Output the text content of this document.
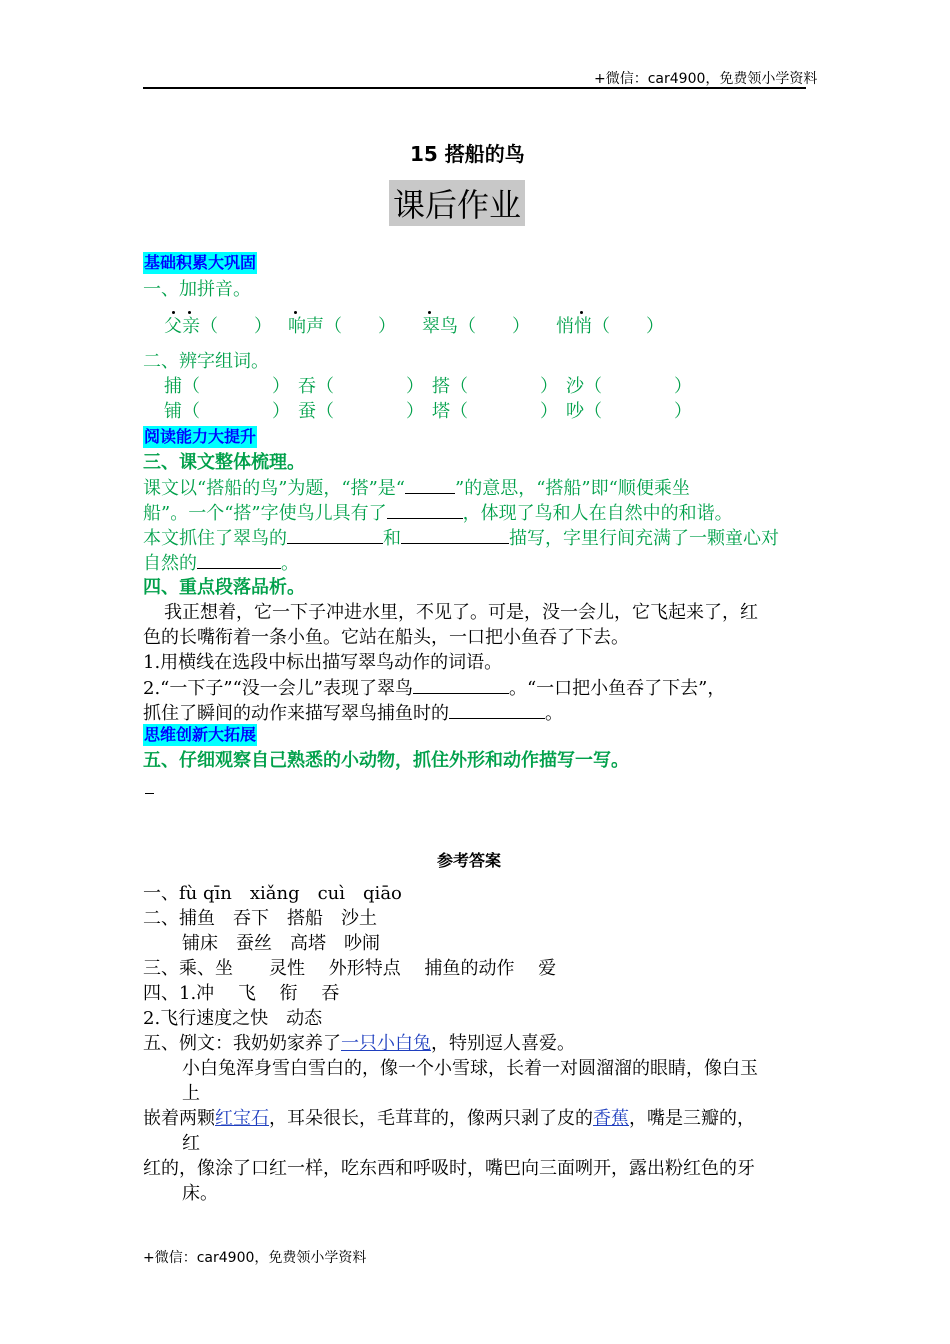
+微信：car4900，免费领小学资料
15 搭船的鸟
课后作业
基础积累大巩固
一、加拼音。
父亲（　　） 响声（　　） 翠鸟（　　） 悄悄（　　）
二、辨字组词。
捕（　　　　） 吞（　　　　） 搭（　　　　） 沙（　　　　）
铺（　　　　） 蚕（　　　　） 塔（　　　　） 吵（　　　　）
阅读能力大提升
三、课文整体梳理。
课文以“搭船的鸟”为题，“搭”是“	”的意思，“搭船”即“顺便乘坐
船”。一个“搭”字使鸟儿具有了	，体现了鸟和人在自然中的和谐。
本文抓住了翠鸟的	和	描写，字里行间充满了一颗童心对
自然的	。
四、重点段落品析。
我正想着，它一下子冲进水里，不见了。可是，没一会儿，它飞起来了，红
色的长嘴衔着一条小鱼。它站在船头，一口把小鱼吞了下去。
1.用横线在选段中标出描写翠鸟动作的词语。
2.“一下子”“没一会儿”表现了翠鸟	。“一口把小鱼吞了下去”，
抓住了瞬间的动作来描写翠鸟捕鱼时的	。
思维创新大拓展
五、仔细观察自己熟悉的小动物，抓住外形和动作描写一写。
参考答案
一、fù qīn　xiǎng　cuì　qiāo
二、捕鱼　吞下　搭船　沙土
铺床　蚕丝　高塔　吵闹
三、乘、坐　　灵性　 外形特点　 捕鱼的动作　 爱
四、1.冲　 飞　 衔　 吞
2.飞行速度之快　动态
五、例文：我奶奶家养了一只小白兔，特别逗人喜爱。
小白兔浑身雪白雪白的，像一个小雪球，长着一对圆溜溜的眼睛，像白玉
上
嵌着两颗红宝石，耳朵很长，毛茸茸的，像两只剥了皮的香蕉，嘴是三瓣的，
红
红的，像涂了口红一样，吃东西和呼吸时，嘴巴向三面咧开，露出粉红色的牙
床。
+微信：car4900，免费领小学资料
